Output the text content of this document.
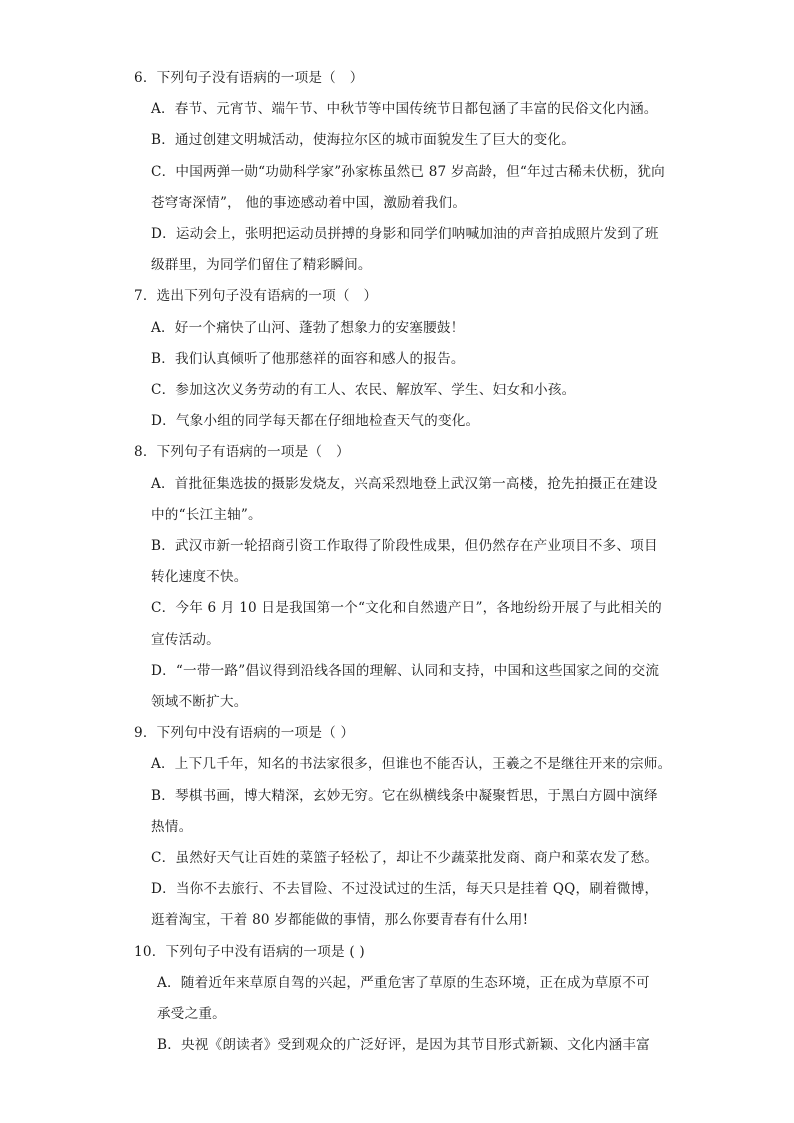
6．下列句子没有语病的一项是（　）
A．春节、元宵节、端午节、中秋节等中国传统节日都包涵了丰富的民俗文化内涵。
B．通过创建文明城活动，使海拉尔区的城市面貌发生了巨大的变化。
C．中国两弹一勋“功勋科学家”孙家栋虽然已 87 岁高龄，但“年过古稀未伏枥，犹向
苍穹寄深情”， 他的事迹感动着中国，激励着我们。
D．运动会上，张明把运动员拼搏的身影和同学们呐喊加油的声音拍成照片发到了班
级群里，为同学们留住了精彩瞬间。
7．选出下列句子没有语病的一项（　）
A．好一个痛快了山河、蓬勃了想象力的安塞腰鼓！
B．我们认真倾听了他那慈祥的面容和感人的报告。
C．参加这次义务劳动的有工人、农民、解放军、学生、妇女和小孩。
D．气象小组的同学每天都在仔细地检查天气的变化。
8．下列句子有语病的一项是（　）
A．首批征集选拔的摄影发烧友，兴高采烈地登上武汉第一高楼，抢先拍摄正在建设
中的“长江主轴”。
B．武汉市新一轮招商引资工作取得了阶段性成果，但仍然存在产业项目不多、项目
转化速度不快。
C．今年 6 月 10 日是我国第一个“文化和自然遗产日”，各地纷纷开展了与此相关的
宣传活动。
D．“一带一路”倡议得到沿线各国的理解、认同和支持，中国和这些国家之间的交流
领域不断扩大。
9．下列句中没有语病的一项是（ ）
A．上下几千年，知名的书法家很多，但谁也不能否认，王羲之不是继往开来的宗师。
B．琴棋书画，博大精深，玄妙无穷。它在纵横线条中凝聚哲思，于黑白方圆中演绎
热情。
C．虽然好天气让百姓的菜篮子轻松了，却让不少蔬菜批发商、商户和菜农发了愁。
D．当你不去旅行、不去冒险、不过没试过的生活，每天只是挂着 QQ，刷着微博，
逛着淘宝，干着 80 岁都能做的事情，那么你要青春有什么用!
10．下列句子中没有语病的一项是 ( )
A．随着近年来草原自驾的兴起，严重危害了草原的生态环境，正在成为草原不可
承受之重。
B．央视《朗读者》受到观众的广泛好评，是因为其节目形式新颖、文化内涵丰富
